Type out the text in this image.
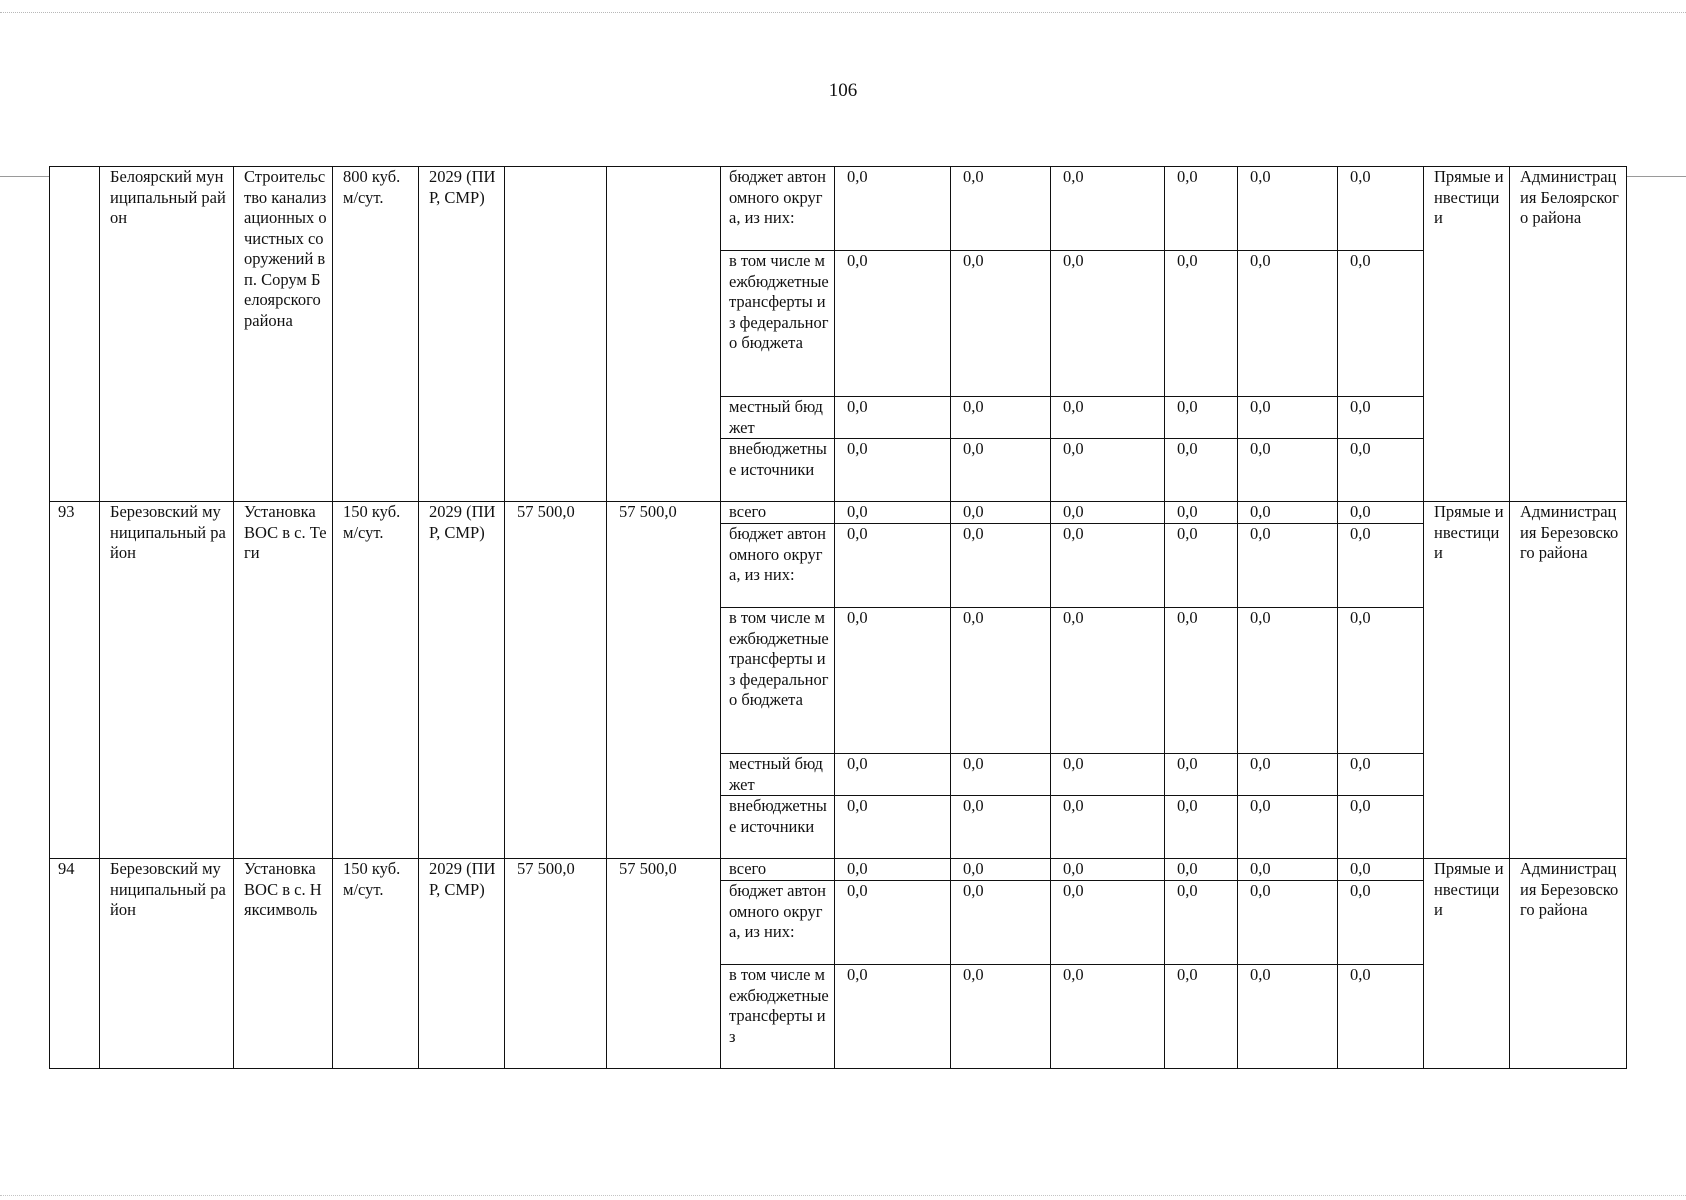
106
	Белоярский муниципальный район	Строительство канализационных очистных сооружений в п. Сорум Белоярского района	800 куб. м/сут.	2029 (ПИР, СМР)			бюджет автономного округа, из них:	0,0	0,0	0,0	0,0	0,0	0,0	Прямые инвестиции	Администрация Белоярского района
							в том числе межбюджетные трансферты из федерального бюджета	0,0	0,0	0,0	0,0	0,0	0,0		
							местный бюджет	0,0	0,0	0,0	0,0	0,0	0,0		
							внебюджетные источники	0,0	0,0	0,0	0,0	0,0	0,0		
93	Березовский муниципальный район	Установка ВОС в с. Теги	150 куб. м/сут.	2029 (ПИР, СМР)	57 500,0	57 500,0	всего	0,0	0,0	0,0	0,0	0,0	0,0	Прямые инвестиции	Администрация Березовского района
							бюджет автономного округа, из них:	0,0	0,0	0,0	0,0	0,0	0,0		
							в том числе межбюджетные трансферты из федерального бюджета	0,0	0,0	0,0	0,0	0,0	0,0		
							местный бюджет	0,0	0,0	0,0	0,0	0,0	0,0		
							внебюджетные источники	0,0	0,0	0,0	0,0	0,0	0,0		
94	Березовский муниципальный район	Установка ВОС в с. Няксимволь	150 куб. м/сут.	2029 (ПИР, СМР)	57 500,0	57 500,0	всего	0,0	0,0	0,0	0,0	0,0	0,0	Прямые инвестиции	Администрация Березовского района
							бюджет автономного округа, из них:	0,0	0,0	0,0	0,0	0,0	0,0		
							в том числе межбюджетные трансферты из	0,0	0,0	0,0	0,0	0,0	0,0		
